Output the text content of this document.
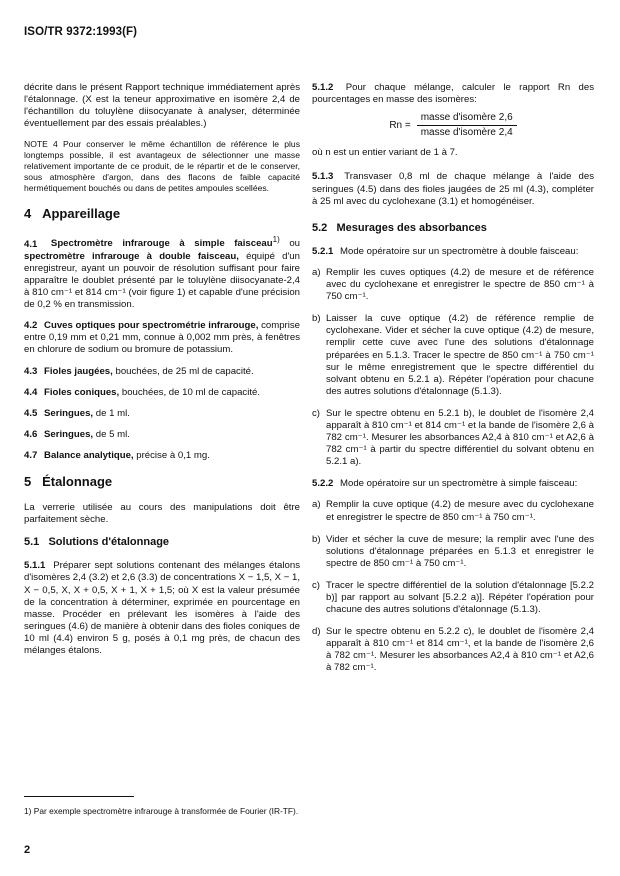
ISO/TR 9372:1993(F)

décrite dans le présent Rapport technique immédiatement après l'étalonnage. (X est la teneur approximative en isomère 2,4 de l'échantillon du toluylène diisocyanate à analyser, déterminée éventuellement par des essais préalables.)

NOTE 4 Pour conserver le même échantillon de référence le plus longtemps possible, il est avantageux de sélectionner une masse relativement importante de ce produit, de le répartir et de le conserver, sous atmosphère d'argon, dans des flacons de faible capacité hermétiquement bouchés ou dans de petites ampoules scellées.

4 Appareillage

4.1 Spectromètre infrarouge à simple faisceau$^{1)}$ ou spectromètre infrarouge à double faisceau, équipé d'un enregistreur, ayant un pouvoir de résolution suffisant pour faire apparaître le doublet présenté par le toluylène diisocyanate-2,4 à 810 cm⁻¹ et 814 cm⁻¹ (voir figure 1) et capable d'une précision de 0,2 % en transmission.

4.2 Cuves optiques pour spectrométrie infrarouge, comprise entre 0,19 mm et 0,21 mm, connue à 0,002 mm près, à fenêtres en chlorure de sodium ou bromure de potassium.

4.3 Fioles jaugées, bouchées, de 25 ml de capacité.

4.4 Fioles coniques, bouchées, de 10 ml de capacité.

4.5 Seringues, de 1 ml.

4.6 Seringues, de 5 ml.

4.7 Balance analytique, précise à 0,1 mg.

5 Étalonnage

La verrerie utilisée au cours des manipulations doit être parfaitement sèche.

5.1 Solutions d'étalonnage

5.1.1 Préparer sept solutions contenant des mélanges étalons d'isomères 2,4 (3.2) et 2,6 (3.3) de concentrations X − 1,5, X − 1, X − 0,5, X, X + 0,5, X + 1, X + 1,5; où X est la valeur présumée de la concentration à déterminer, exprimée en pourcentage en masse. Procéder en prélevant les isomères à l'aide des seringues (4.6) de manière à obtenir dans des fioles coniques de 10 ml (4.4) environ 5 g, posés à 0,1 mg près, de chacun des mélanges étalons.

5.1.2 Pour chaque mélange, calculer le rapport Rn des pourcentages en masse des isomères:

$Rn = \frac{\text{masse d'isomère 2,6}}{\text{masse d'isomère 2,4}}$

où n est un entier variant de 1 à 7.

5.1.3 Transvaser 0,8 ml de chaque mélange à l'aide des seringues (4.5) dans des fioles jaugées de 25 ml (4.3), compléter à 25 ml avec du cyclohexane (3.1) et homogénéiser.

5.2 Mesurages des absorbances

5.2.1 Mode opératoire sur un spectromètre à double faisceau:

a) Remplir les cuves optiques (4.2) de mesure et de référence avec du cyclohexane et enregistrer le spectre de 850 cm⁻¹ à 750 cm⁻¹.
b) Laisser la cuve optique (4.2) de référence remplie de cyclohexane. Vider et sécher la cuve optique (4.2) de mesure, remplir cette cuve avec l'une des solutions d'étalonnage préparées en 5.1.3. Tracer le spectre de 850 cm⁻¹ à 750 cm⁻¹ sur le même enregistrement que le spectre différentiel du solvant obtenu en 5.2.1 a). Répéter l'opération pour chacune des autres solutions d'étalonnage (5.1.3).
c) Sur le spectre obtenu en 5.2.1 b), le doublet de l'isomère 2,4 apparaît à 810 cm⁻¹ et 814 cm⁻¹ et la bande de l'isomère 2,6 à 782 cm⁻¹. Mesurer les absorbances A2,4 à 810 cm⁻¹ et A2,6 à 782 cm⁻¹ à partir du spectre différentiel du solvant obtenu en 5.2.1 a).

5.2.2 Mode opératoire sur un spectromètre à simple faisceau:

a) Remplir la cuve optique (4.2) de mesure avec du cyclohexane et enregistrer le spectre de 850 cm⁻¹ à 750 cm⁻¹.
b) Vider et sécher la cuve de mesure; la remplir avec l'une des solutions d'étalonnage préparées en 5.1.3 et enregistrer le spectre de 850 cm⁻¹ à 750 cm⁻¹.
c) Tracer le spectre différentiel de la solution d'étalonnage [5.2.2 b)] par rapport au solvant [5.2.2 a)]. Répéter l'opération pour chacune des autres solutions d'étalonnage (5.1.3).
d) Sur le spectre obtenu en 5.2.2 c), le doublet de l'isomère 2,4 apparaît à 810 cm⁻¹ et 814 cm⁻¹, et la bande de l'isomère 2,6 à 782 cm⁻¹. Mesurer les absorbances A2,4 à 810 cm⁻¹ et A2,6 à 782 cm⁻¹.
1) Par exemple spectromètre infrarouge à transformée de Fourier (IR-TF).
2
